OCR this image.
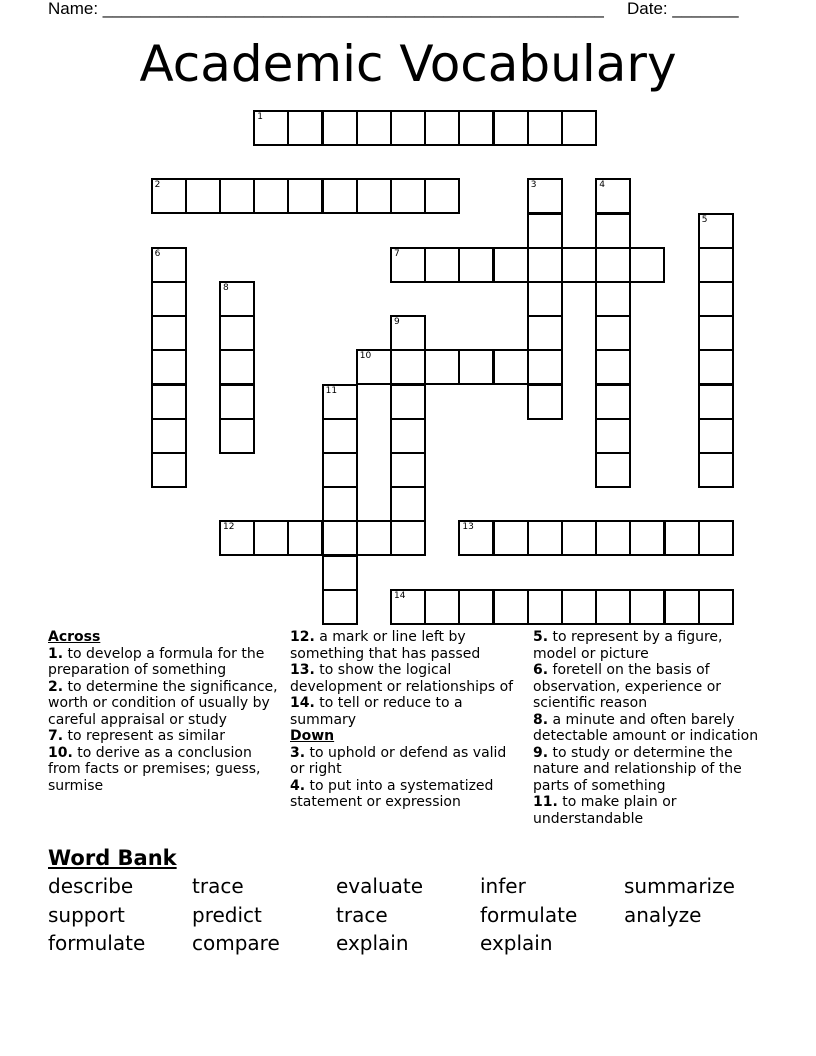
Name: _____________________________________________________ Date: _______
Academic Vocabulary
1
2	3	4
5
6	7
8
9
10
11
12	13
14

Across

1. to develop a formula for the preparation of something

2. to determine the significance, worth or condition of usually by careful appraisal or study

7. to represent as similar

10. to derive as a conclusion from facts or premises; guess, surmise

12. a mark or line left by something that has passed

13. to show the logical development or relationships of

14. to tell or reduce to a summary

Down

3. to uphold or defend as valid or right

4. to put into a systematized statement or expression

5. to represent by a figure, model or picture

6. foretell on the basis of observation, experience or scientific reason

8. a minute and often barely detectable amount or indication

9. to study or determine the nature and relationship of the parts of something

11. to make plain or understandable

Word Bank
describe	trace	evaluate	infer	summarize
support	predict	trace	formulate	analyze
formulate	compare	explain	explain
